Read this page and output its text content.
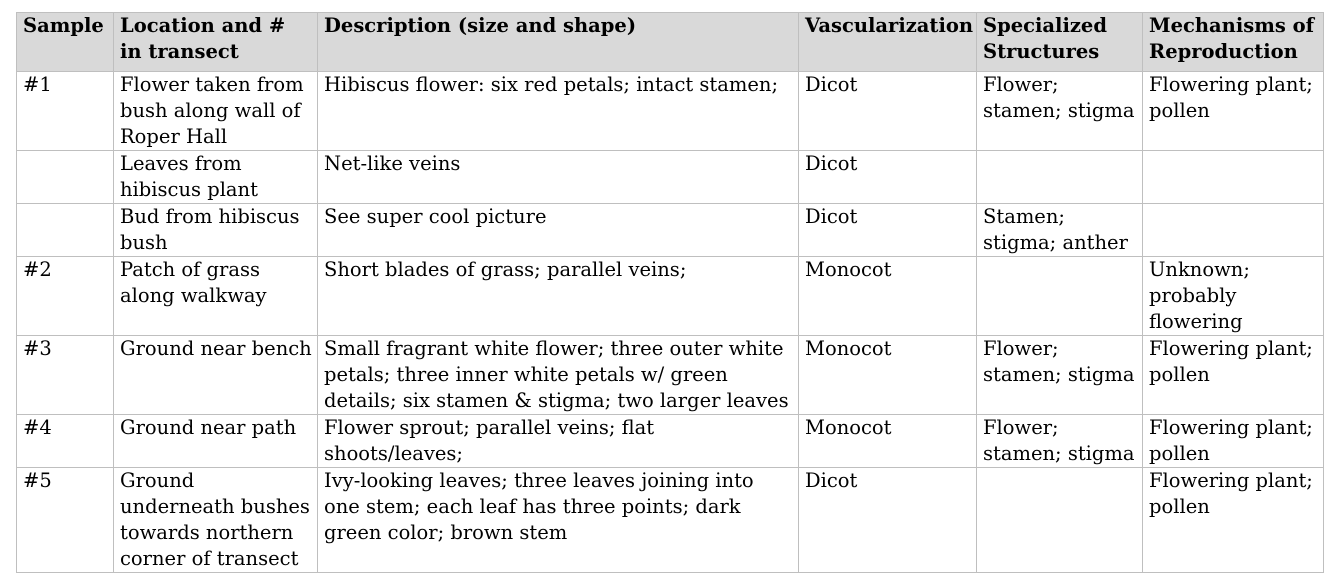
Sample	Location and # in transect	Description (size and shape)	Vascularization	Specialized Structures	Mechanisms of Reproduction
#1	Flower taken from bush along wall of Roper Hall	Hibiscus flower: six red petals; intact stamen;	Dicot	Flower; stamen; stigma	Flowering plant; pollen
	Leaves from hibiscus plant	Net-like veins	Dicot		
	Bud from hibiscus bush	See super cool picture	Dicot	Stamen; stigma; anther	
#2	Patch of grass along walkway	Short blades of grass; parallel veins;	Monocot		Unknown; probably flowering
#3	Ground near bench	Small fragrant white flower; three outer white petals; three inner white petals w/ green details; six stamen & stigma; two larger leaves	Monocot	Flower; stamen; stigma	Flowering plant; pollen
#4	Ground near path	Flower sprout; parallel veins; flat shoots/leaves;	Monocot	Flower; stamen; stigma	Flowering plant; pollen
#5	Ground underneath bushes towards northern corner of transect	Ivy-looking leaves; three leaves joining into one stem; each leaf has three points; dark green color; brown stem	Dicot		Flowering plant; pollen
